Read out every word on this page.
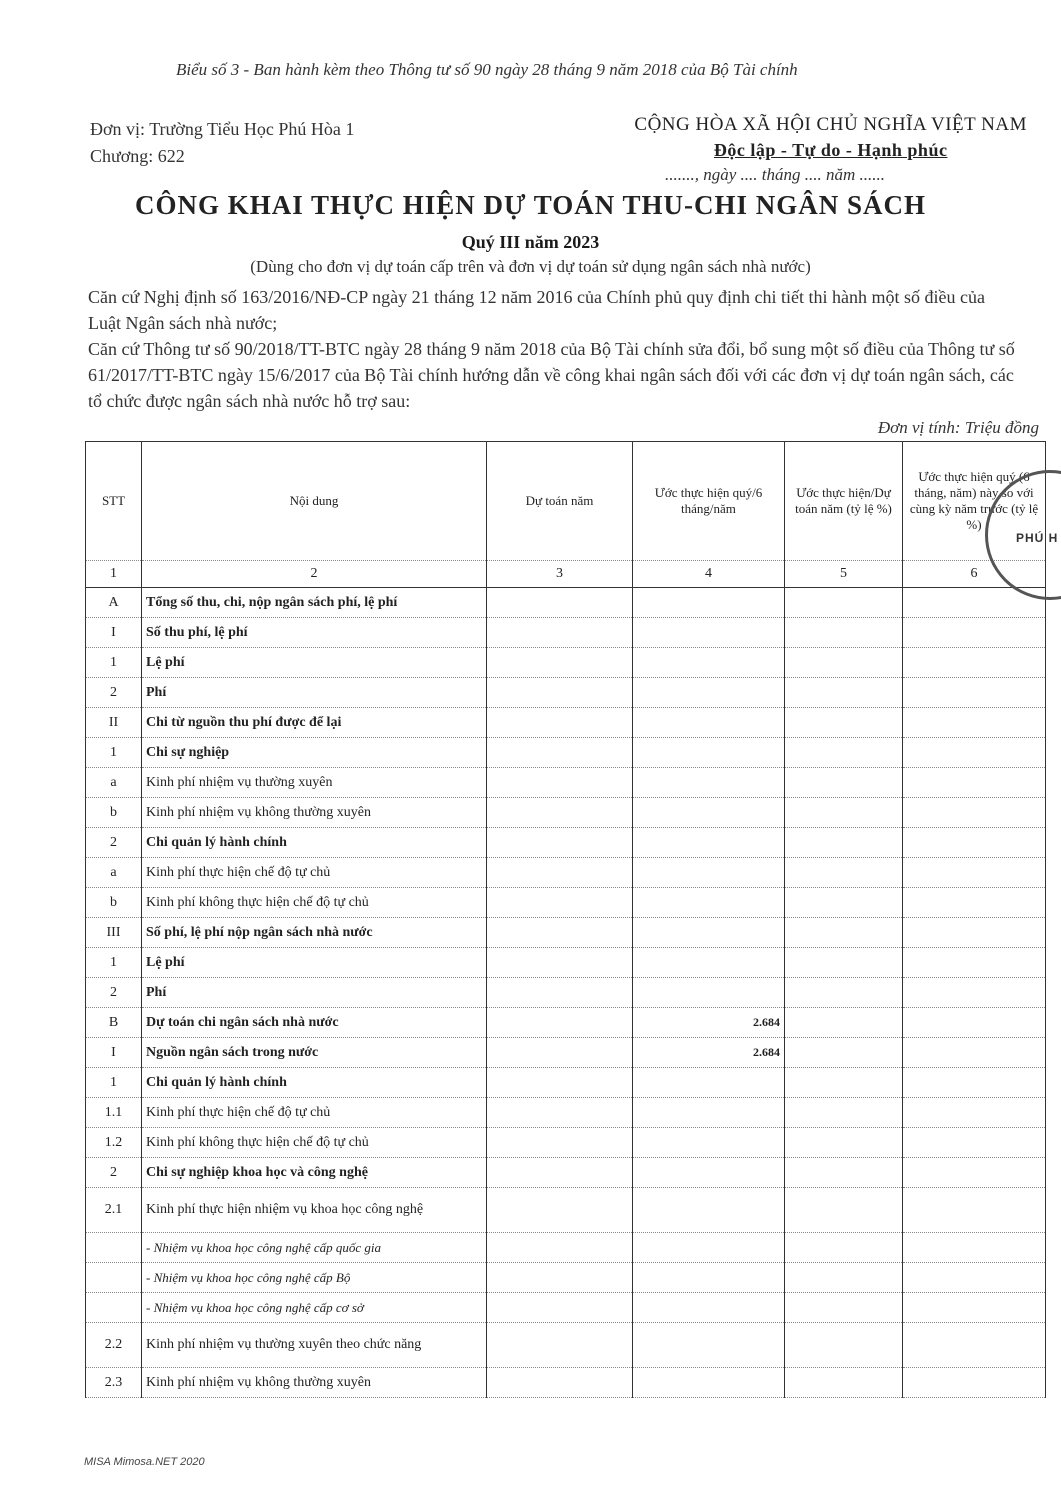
Biểu số 3 - Ban hành kèm theo Thông tư số 90 ngày 28 tháng 9 năm 2018 của Bộ Tài chính
Đơn vị: Trường Tiểu Học Phú Hòa 1
Chương: 622
CỘNG HÒA XÃ HỘI CHỦ NGHĨA VIỆT NAM
Độc lập - Tự do - Hạnh phúc
......., ngày .... tháng .... năm ......
CÔNG KHAI THỰC HIỆN DỰ TOÁN THU-CHI NGÂN SÁCH
Quý III năm 2023
(Dùng cho đơn vị dự toán cấp trên và đơn vị dự toán sử dụng ngân sách nhà nước)

Căn cứ Nghị định số 163/2016/NĐ-CP ngày 21 tháng 12 năm 2016 của Chính phủ quy định chi tiết thi hành một số điều của Luật Ngân sách nhà nước;

Căn cứ Thông tư số 90/2018/TT-BTC ngày 28 tháng 9 năm 2018 của Bộ Tài chính sửa đổi, bổ sung một số điều của Thông tư số 61/2017/TT-BTC ngày 15/6/2017 của Bộ Tài chính hướng dẫn về công khai ngân sách đối với các đơn vị dự toán ngân sách, các tổ chức được ngân sách nhà nước hỗ trợ sau:

Đơn vị tính: Triệu đồng
STT	Nội dung	Dự toán năm	Ước thực hiện quý/6 tháng/năm	Ước thực hiện/Dự toán năm (tỷ lệ %)	Ước thực hiện quý (6 tháng, năm) này so với cùng kỳ năm trước (tỷ lệ %)
1	2	3	4	5	6
A	Tổng số thu, chi, nộp ngân sách phí, lệ phí				
I	Số thu phí, lệ phí				
1	Lệ phí				
2	Phí				
II	Chi từ nguồn thu phí được để lại				
1	Chi sự nghiệp				
a	Kinh phí nhiệm vụ thường xuyên				
b	Kinh phí nhiệm vụ không thường xuyên				
2	Chi quản lý hành chính				
a	Kinh phí thực hiện chế độ tự chủ				
b	Kinh phí không thực hiện chế độ tự chủ				
III	Số phí, lệ phí nộp ngân sách nhà nước				
1	Lệ phí				
2	Phí				
B	Dự toán chi ngân sách nhà nước		2.684		
I	Nguồn ngân sách trong nước		2.684		
1	Chi quản lý hành chính				
1.1	Kinh phí thực hiện chế độ tự chủ				
1.2	Kinh phí không thực hiện chế độ tự chủ				
2	Chi sự nghiệp khoa học và công nghệ				
2.1	Kinh phí thực hiện nhiệm vụ khoa học công nghệ				
	- Nhiệm vụ khoa học công nghệ cấp quốc gia				
	- Nhiệm vụ khoa học công nghệ cấp Bộ				
	- Nhiệm vụ khoa học công nghệ cấp cơ sở				
2.2	Kinh phí nhiệm vụ thường xuyên theo chức năng				
2.3	Kinh phí nhiệm vụ không thường xuyên				
PHÚ H
MISA Mimosa.NET 2020
